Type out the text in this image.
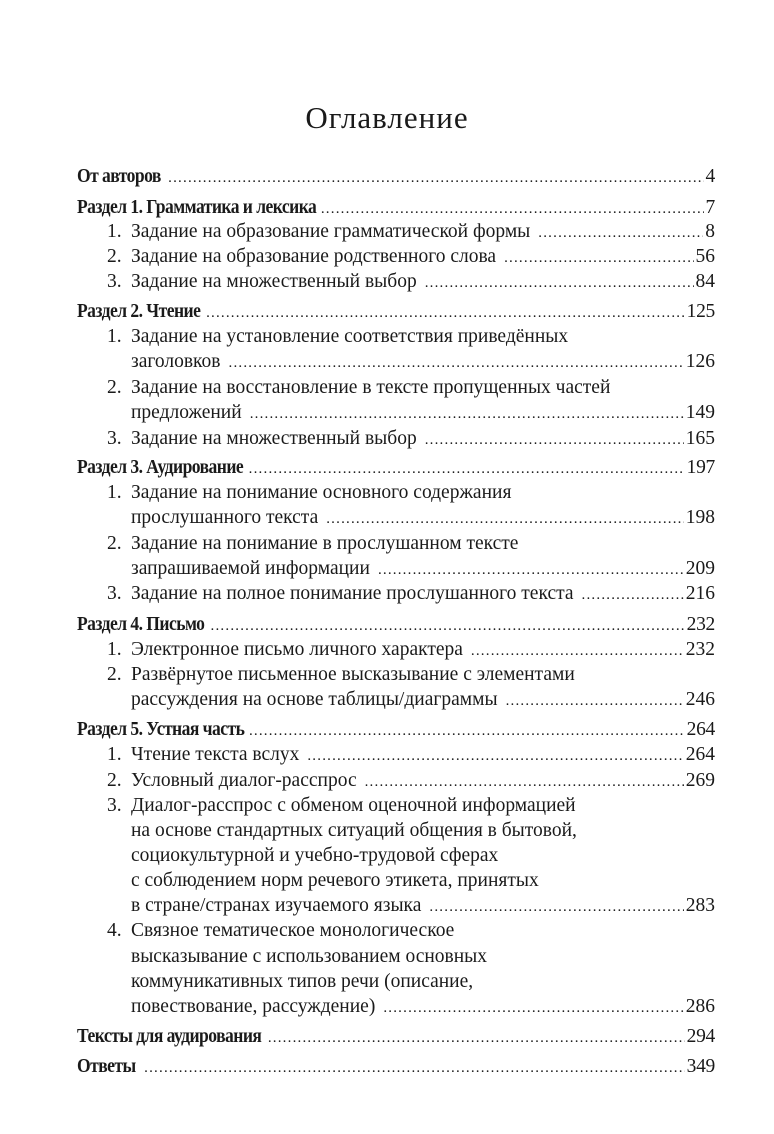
Оглавление
От авторов .....	4
Раздел 1. Грамматика и лексика .....	7
1. Задание на образование грамматической формы .....	8
2. Задание на образование родственного слова .....	56
3. Задание на множественный выбор .....	84
Раздел 2. Чтение .....	125
1. Задание на установление соответствия приведённых
заголовков .....	126
2. Задание на восстановление в тексте пропущенных частей
предложений .....	149
3. Задание на множественный выбор .....	165
Раздел 3. Аудирование .....	197
1. Задание на понимание основного содержания
прослушанного текста .....	198
2. Задание на понимание в прослушанном тексте
запрашиваемой информации .....	209
3. Задание на полное понимание прослушанного текста .....	216
Раздел 4. Письмо .....	232
1. Электронное письмо личного характера .....	232
2. Развёрнутое письменное высказывание с элементами
рассуждения на основе таблицы/диаграммы .....	246
Раздел 5. Устная часть .....	264
1. Чтение текста вслух .....	264
2. Условный диалог-расспрос .....	269
3. Диалог-расспрос с обменом оценочной информацией
на основе стандартных ситуаций общения в бытовой,
социокультурной и учебно-трудовой сферах
с соблюдением норм речевого этикета, принятых
в стране/странах изучаемого языка .....	283
4. Связное тематическое монологическое
высказывание с использованием основных
коммуникативных типов речи (описание,
повествование, рассуждение) .....	286
Тексты для аудирования .....	294
Ответы .....	349
